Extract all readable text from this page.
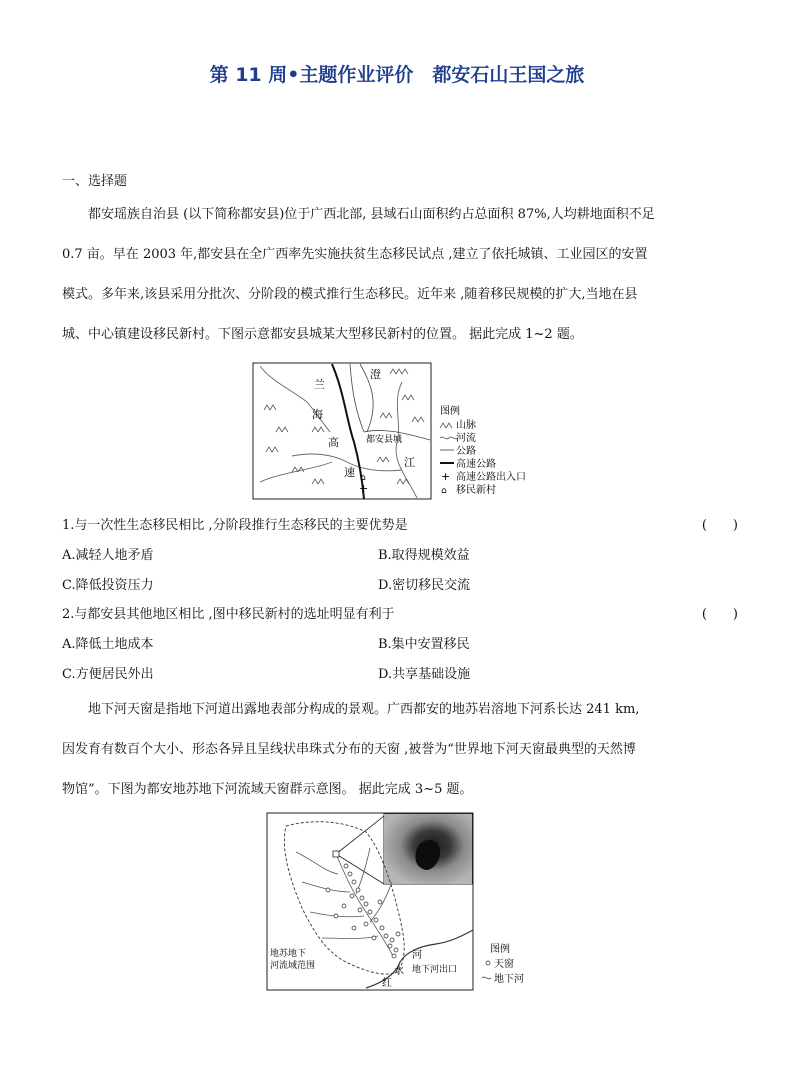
第 11 周•主题作业评价　都安石山王国之旅
一、选择题
都安瑶族自治县 (以下简称都安县)位于广西北部, 县域石山面积约占总面积 87%,人均耕地面积不足
0.7 亩。早在 2003 年,都安县在全广西率先实施扶贫生态移民试点 ,建立了依托城镇、工业园区的安置
模式。多年来,该县采用分批次、分阶段的模式推行生态移民。近年来 ,随着移民规模的扩大,当地在县
城、中心镇建设移民新村。下图示意都安县城某大型移民新村的位置。 据此完成 1~2 题。
+
⌂
兰
海
高
速
澄
江
都安县城
图例
山脉
河流
公路
高速公路
+ 高速公路出入口
⌂ 移民新村
1.与一次性生态移民相比 ,分阶段推行生态移民的主要优势是	(　　)
A.减轻人地矛盾	B.取得规模效益
C.降低投资压力	D.密切移民交流
2.与都安县其他地区相比 ,图中移民新村的选址明显有利于	(　　)
A.降低土地成本	B.集中安置移民
C.方便居民外出	D.共享基础设施
地下河天窗是指地下河道出露地表部分构成的景观。广西都安的地苏岩溶地下河系长达 241 km,
因发育有数百个大小、形态各异且呈线状串珠式分布的天窗 ,被誉为“世界地下河天窗最典型的天然博
物馆”。下图为都安地苏地下河流域天窗群示意图。 据此完成 3~5 题。
地苏地下
河流域范围
河
水
红
地下河出口
图例
天窗
地下河
